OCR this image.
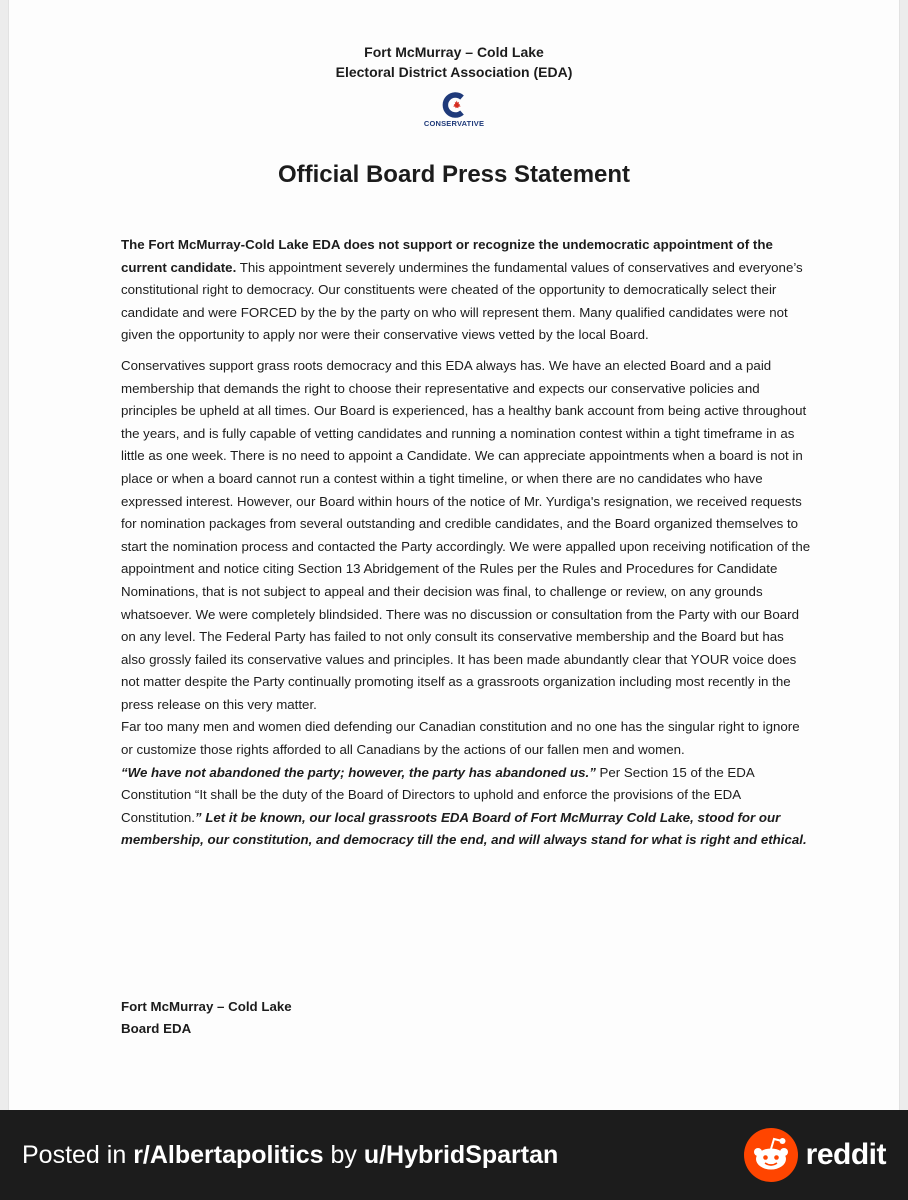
Fort McMurray – Cold Lake
Electoral District Association (EDA)
CONSERVATIVE
Official Board Press Statement

The Fort McMurray-Cold Lake EDA does not support or recognize the undemocratic appointment of the current candidate. This appointment severely undermines the fundamental values of conservatives and everyone’s constitutional right to democracy. Our constituents were cheated of the opportunity to democratically select their candidate and were FORCED by the by the party on who will represent them. Many qualified candidates were not given the opportunity to apply nor were their conservative views vetted by the local Board.

Conservatives support grass roots democracy and this EDA always has. We have an elected Board and a paid membership that demands the right to choose their representative and expects our conservative policies and principles be upheld at all times. Our Board is experienced, has a healthy bank account from being active throughout the years, and is fully capable of vetting candidates and running a nomination contest within a tight timeframe in as little as one week. There is no need to appoint a Candidate. We can appreciate appointments when a board is not in place or when a board cannot run a contest within a tight timeline, or when there are no candidates who have expressed interest. However, our Board within hours of the notice of Mr. Yurdiga's resignation, we received requests for nomination packages from several outstanding and credible candidates, and the Board organized themselves to start the nomination process and contacted the Party accordingly. We were appalled upon receiving notification of the appointment and notice citing Section 13 Abridgement of the Rules per the Rules and Procedures for Candidate Nominations, that is not subject to appeal and their decision was final, to challenge or review, on any grounds whatsoever. We were completely blindsided. There was no discussion or consultation from the Party with our Board on any level. The Federal Party has failed to not only consult its conservative membership and the Board but has also grossly failed its conservative values and principles. It has been made abundantly clear that YOUR voice does not matter despite the Party continually promoting itself as a grassroots organization including most recently in the press release on this very matter.

Far too many men and women died defending our Canadian constitution and no one has the singular right to ignore or customize those rights afforded to all Canadians by the actions of our fallen men and women.

“We have not abandoned the party; however, the party has abandoned us.” Per Section 15 of the EDA Constitution “It shall be the duty of the Board of Directors to uphold and enforce the provisions of the EDA Constitution.” Let it be known, our local grassroots EDA Board of Fort McMurray Cold Lake, stood for our membership, our constitution, and democracy till the end, and will always stand for what is right and ethical.

Fort McMurray – Cold Lake
Board EDA
Posted in r/Albertapolitics by u/HybridSpartan	reddit
